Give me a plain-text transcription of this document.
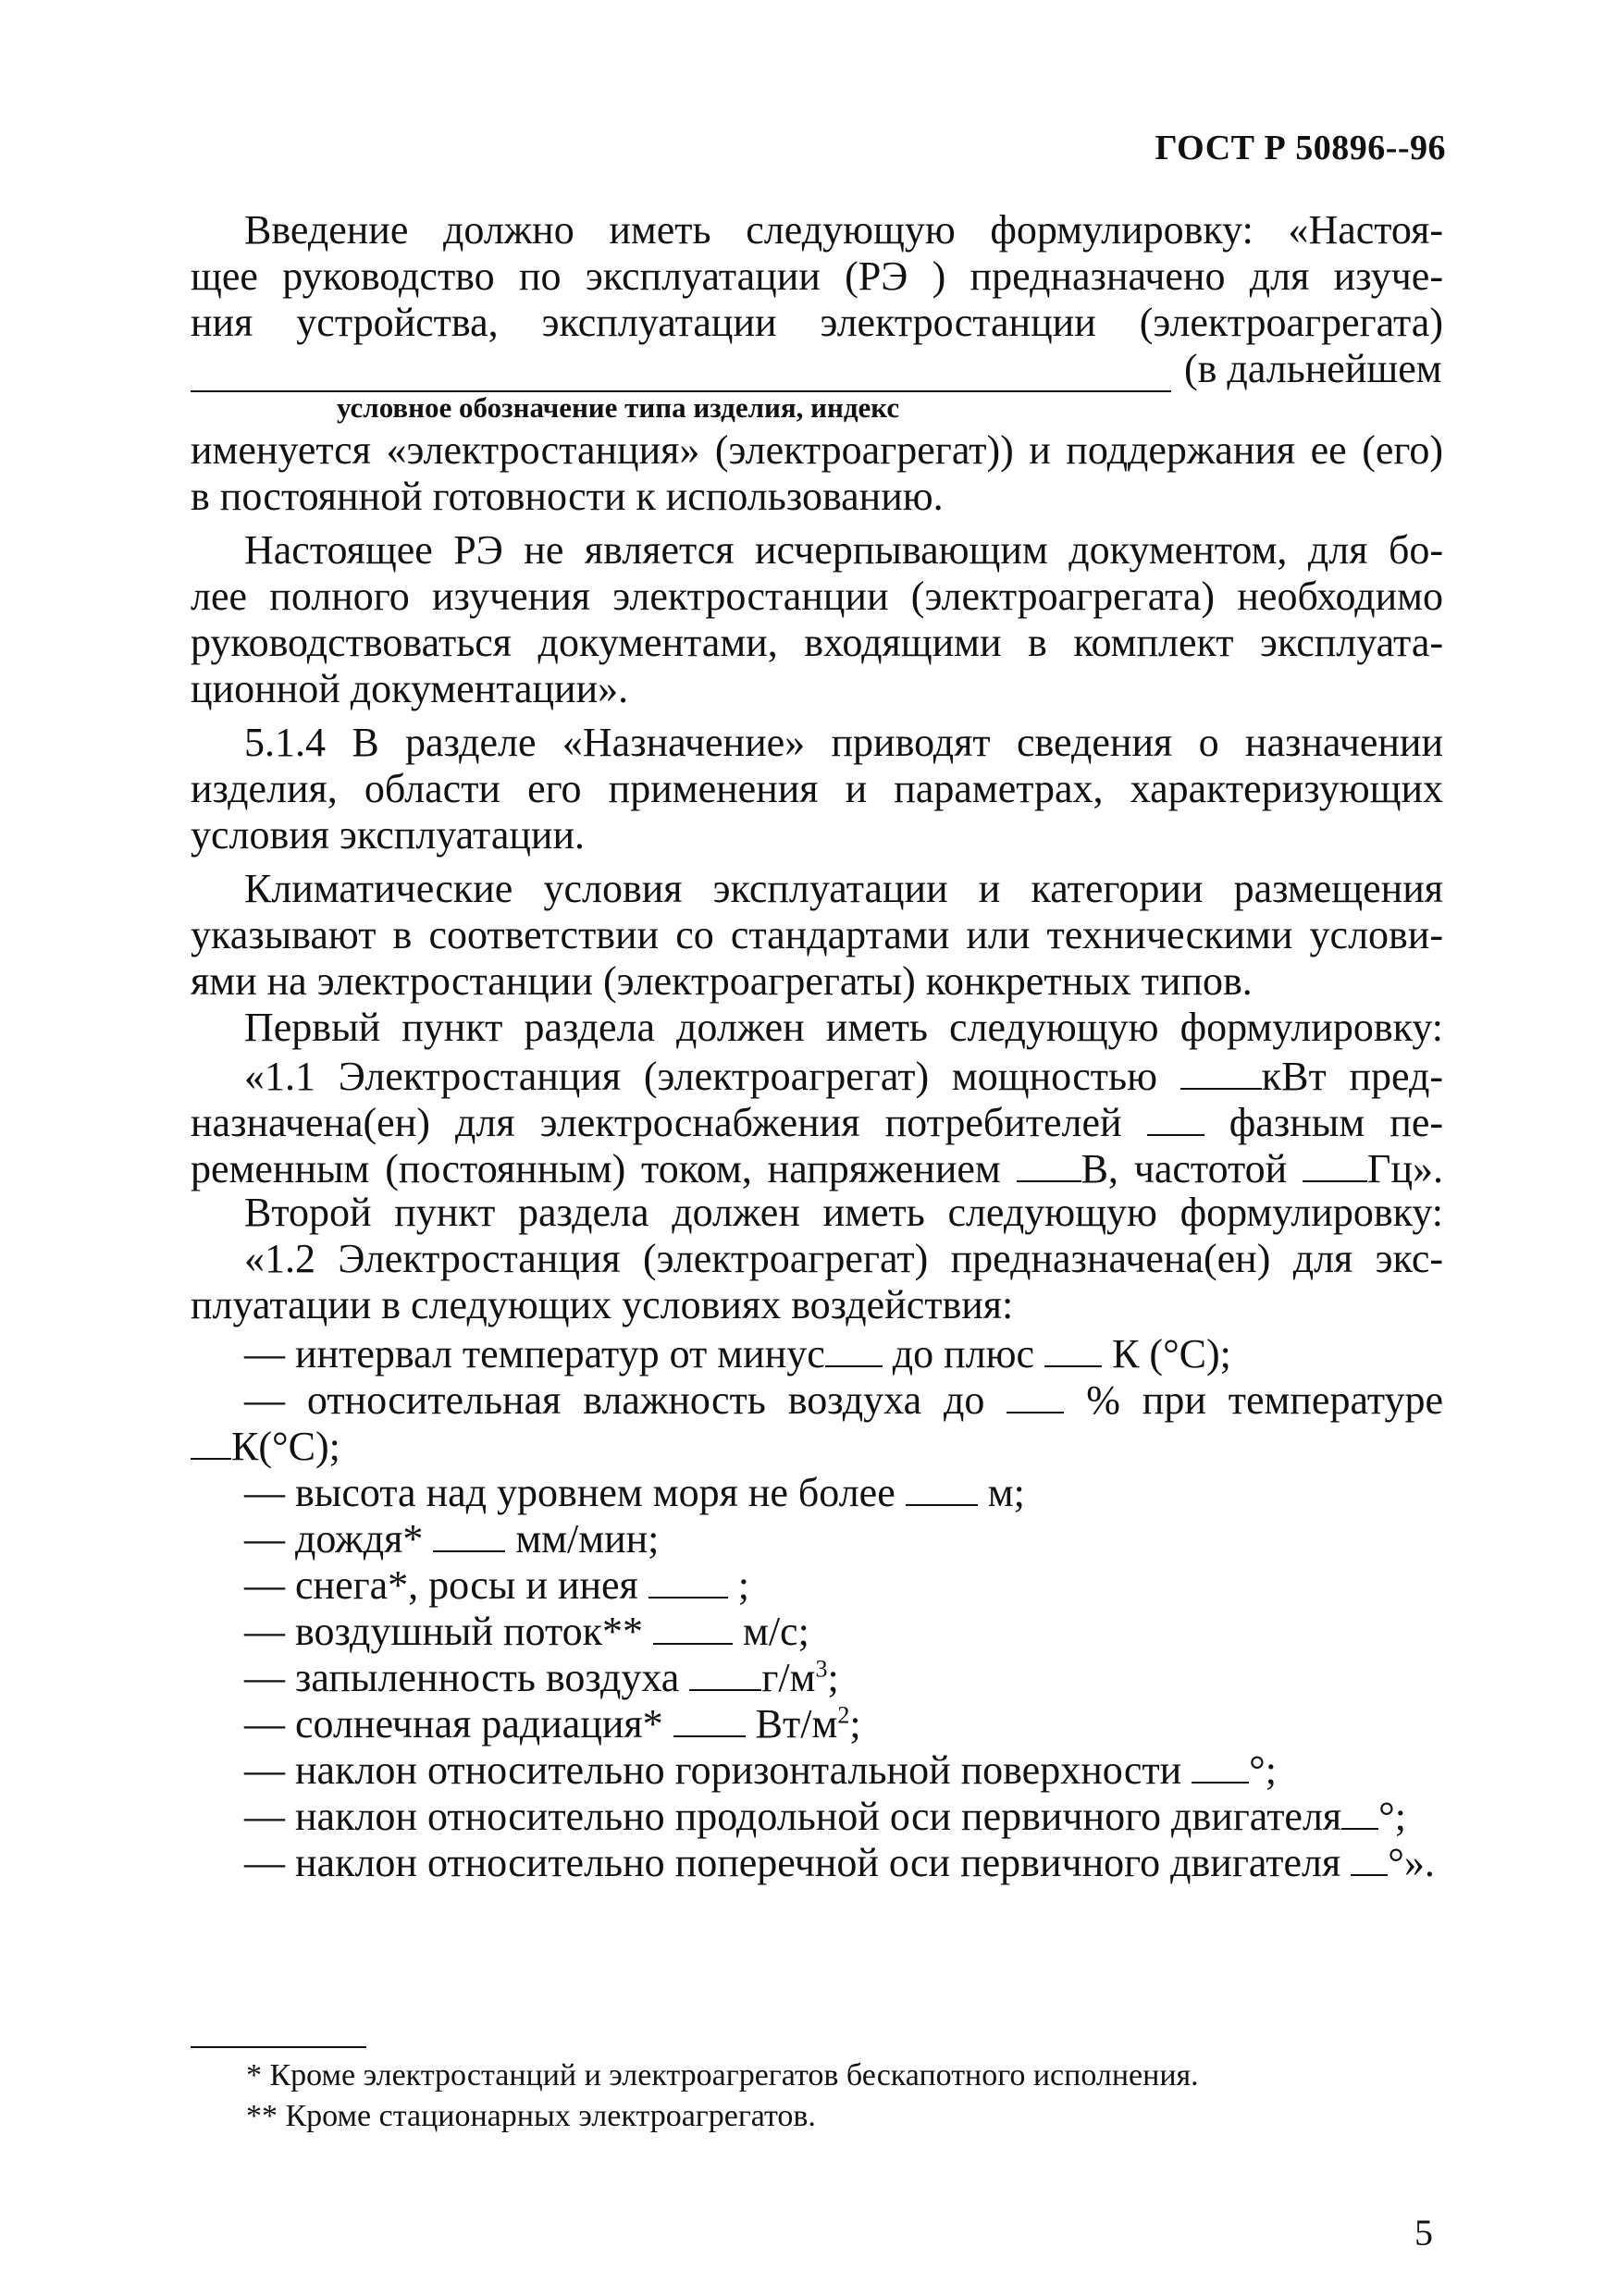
ГОСТ Р 50896--96
Введение должно иметь следующую формулировку: «Настоя-
щее руководство по эксплуатации (РЭ ) предназначено для изуче-
ния устройства, эксплуатации электростанции (электроагрегата)
(в дальнейшем
условное обозначение типа изделия, индекс
именуется «электростанция» (электроагрегат)) и поддержания ее (его)
в постоянной готовности к использованию.
Настоящее РЭ не является исчерпывающим документом, для бо-
лее полного изучения электростанции (электроагрегата) необходимо
руководствоваться документами, входящими в комплект эксплуата-
ционной документации».
5.1.4 В разделе «Назначение» приводят сведения о назначении
изделия, области его применения и параметрах, характеризующих
условия эксплуатации.
Климатические условия эксплуатации и категории размещения
указывают в соответствии со стандартами или техническими услови-
ями на электростанции (электроагрегаты) конкретных типов.
Первый пункт раздела должен иметь следующую формулировку:
«1.1 Электростанция (электроагрегат) мощностью	кВт пред-
назначена(ен) для электроснабжения потребителей	фазным пе-
ременным (постоянным) током, напряжением В, частотой Гц».
Второй пункт раздела должен иметь следующую формулировку:
«1.2 Электростанция (электроагрегат) предназначена(ен) для экс-
плуатации в следующих условиях воздействия:
— интервал температур от минус до плюс К (°С);
— относительная влажность воздуха до % при температуре
К(°С);
— высота над уровнем моря не более м;
— дождя* мм/мин;
— снега*, росы и инея ;
— воздушный поток** м/с;
— запыленность воздуха $г/м^3$;
— солнечная радиация* $Вт/м^2$;
— наклон относительно горизонтальной поверхности °;
— наклон относительно продольной оси первичного двигателя °;
— наклон относительно поперечной оси первичного двигателя °».
* Кроме электростанций и электроагрегатов бескапотного исполнения.
** Кроме стационарных электроагрегатов.
5
